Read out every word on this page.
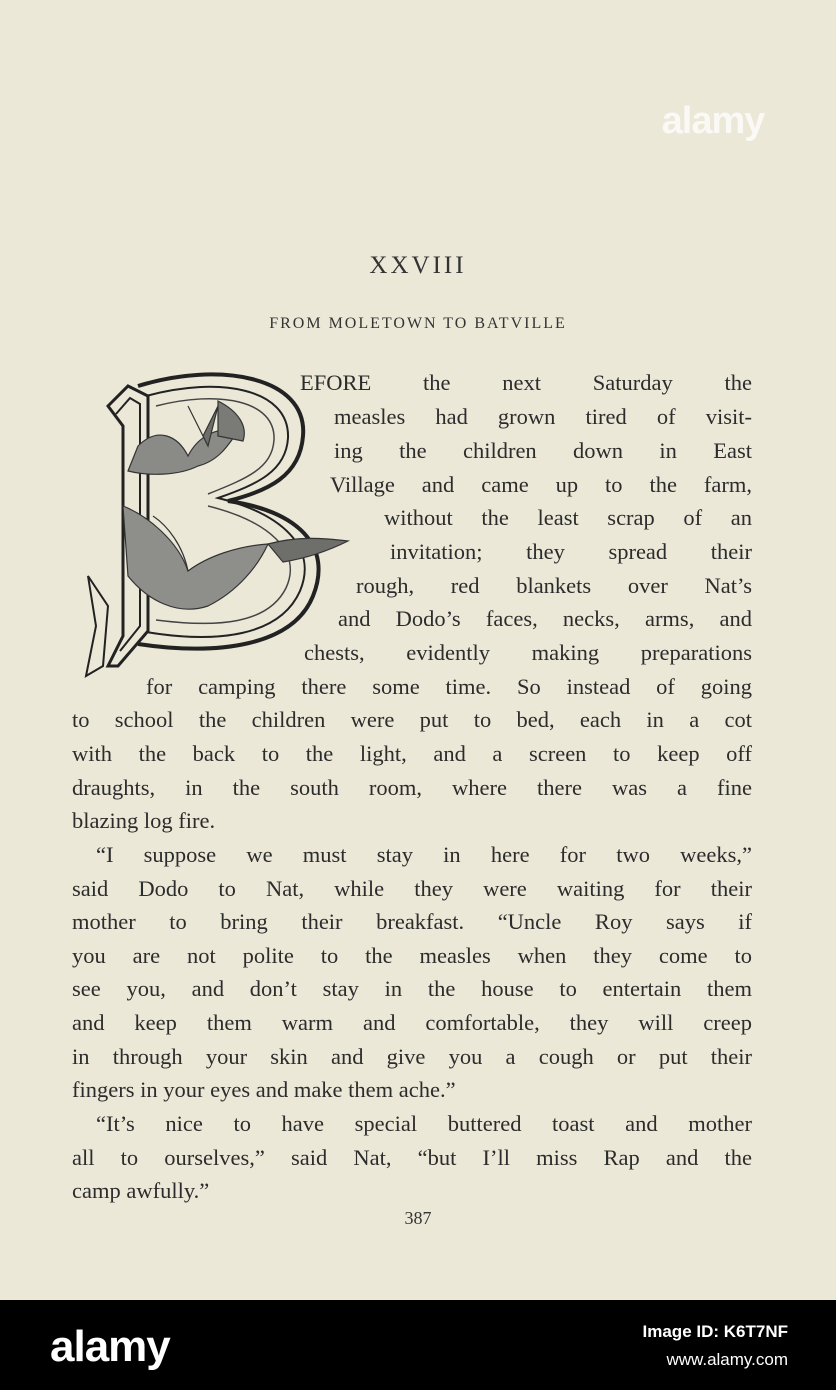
alamy
XXVIII
FROM MOLETOWN TO BATVILLE
EFORE the next Saturday the
measles had grown tired of visit-
ing the children down in East
Village and came up to the farm,
without the least scrap of an
invitation; they spread their
rough, red blankets over Nat’s
and Dodo’s faces, necks, arms, and
chests, evidently making preparations
for camping there some time. So instead of going
to school the children were put to bed, each in a cot
with the back to the light, and a screen to keep off
draughts, in the south room, where there was a fine
blazing log fire.
“I suppose we must stay in here for two weeks,”
said Dodo to Nat, while they were waiting for their
mother to bring their breakfast. “Uncle Roy says if
you are not polite to the measles when they come to
see you, and don’t stay in the house to entertain them
and keep them warm and comfortable, they will creep
in through your skin and give you a cough or put their
fingers in your eyes and make them ache.”
“It’s nice to have special buttered toast and mother
all to ourselves,” said Nat, “but I’ll miss Rap and the
camp awfully.”
387
alamy	Image ID: K6T7NF
www.alamy.com
